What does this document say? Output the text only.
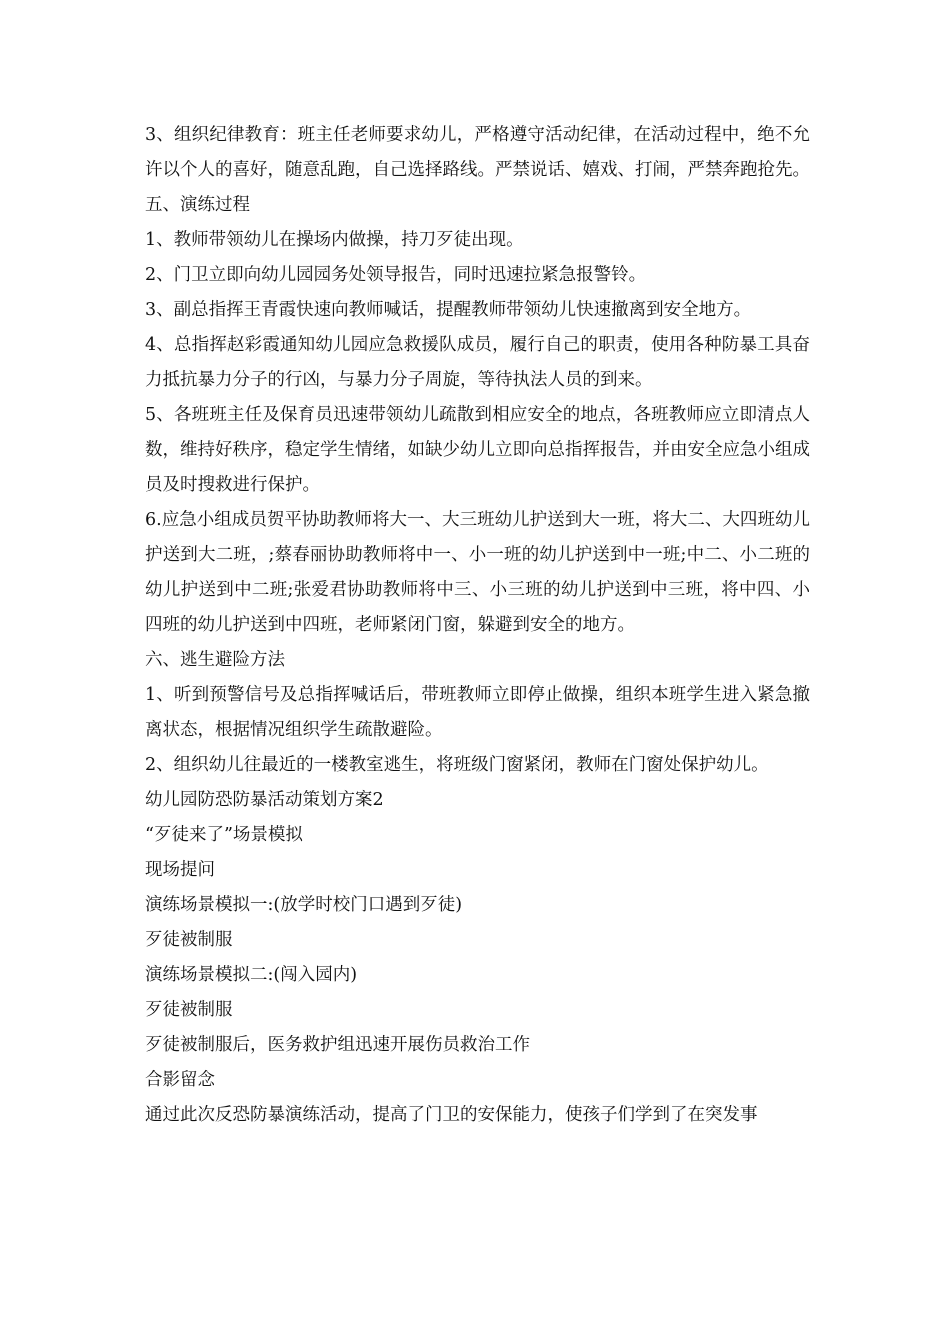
3、组织纪律教育：班主任老师要求幼儿，严格遵守活动纪律，在活动过程中，绝不允许以个人的喜好，随意乱跑，自己选择路线。严禁说话、嬉戏、打闹，严禁奔跑抢先。

五、演练过程

1、教师带领幼儿在操场内做操，持刀歹徒出现。

2、门卫立即向幼儿园园务处领导报告，同时迅速拉紧急报警铃。

3、副总指挥王青霞快速向教师喊话，提醒教师带领幼儿快速撤离到安全地方。

4、总指挥赵彩霞通知幼儿园应急救援队成员，履行自己的职责，使用各种防暴工具奋力抵抗暴力分子的行凶，与暴力分子周旋，等待执法人员的到来。

5、各班班主任及保育员迅速带领幼儿疏散到相应安全的地点，各班教师应立即清点人数，维持好秩序，稳定学生情绪，如缺少幼儿立即向总指挥报告，并由安全应急小组成员及时搜救进行保护。

6.应急小组成员贺平协助教师将大一、大三班幼儿护送到大一班，将大二、大四班幼儿护送到大二班，;蔡春丽协助教师将中一、小一班的幼儿护送到中一班;中二、小二班的幼儿护送到中二班;张爱君协助教师将中三、小三班的幼儿护送到中三班，将中四、小四班的幼儿护送到中四班，老师紧闭门窗，躲避到安全的地方。

六、逃生避险方法

1、听到预警信号及总指挥喊话后，带班教师立即停止做操，组织本班学生进入紧急撤离状态，根据情况组织学生疏散避险。

2、组织幼儿往最近的一楼教室逃生，将班级门窗紧闭，教师在门窗处保护幼儿。

幼儿园防恐防暴活动策划方案2

“歹徒来了”场景模拟

现场提问

演练场景模拟一:(放学时校门口遇到歹徒)

歹徒被制服

演练场景模拟二:(闯入园内)

歹徒被制服

歹徒被制服后，医务救护组迅速开展伤员救治工作

合影留念

通过此次反恐防暴演练活动，提高了门卫的安保能力，使孩子们学到了在突发事
